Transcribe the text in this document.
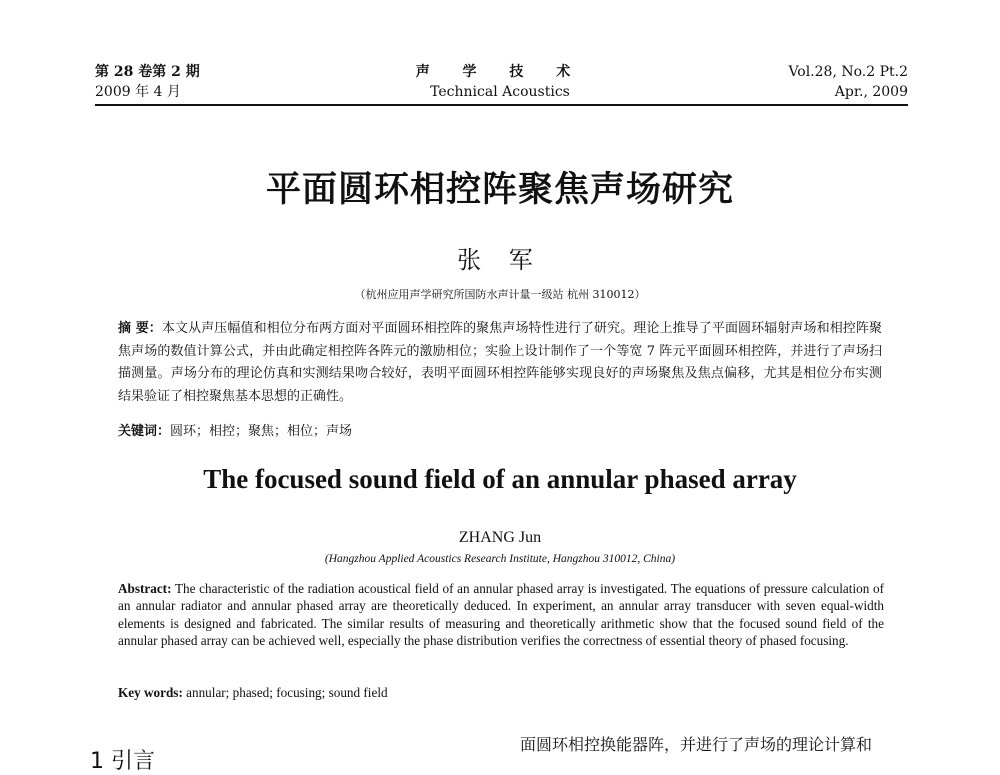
第 28 卷第 2 期
2009 年 4 月
声 学 技 术
Technical Acoustics
Vol.28, No.2 Pt.2
Apr., 2009
平面圆环相控阵聚焦声场研究
张 军
（杭州应用声学研究所国防水声计量一级站 杭州 310012）
摘 要：本文从声压幅值和相位分布两方面对平面圆环相控阵的聚焦声场特性进行了研究。理论上推导了平面圆环辐射声场和相控阵聚焦声场的数值计算公式，并由此确定相控阵各阵元的激励相位；实验上设计制作了一个等宽 7 阵元平面圆环相控阵，并进行了声场扫描测量。声场分布的理论仿真和实测结果吻合较好，表明平面圆环相控阵能够实现良好的声场聚焦及焦点偏移，尤其是相位分布实测结果验证了相控聚焦基本思想的正确性。
关键词：圆环；相控；聚焦；相位；声场
The focused sound field of an annular phased array
ZHANG Jun
(Hangzhou Applied Acoustics Research Institute, Hangzhou 310012, China)
Abstract: The characteristic of the radiation acoustical field of an annular phased array is investigated. The equations of pressure calculation of an annular radiator and annular phased array are theoretically deduced. In experiment, an annular array transducer with seven equal-width elements is designed and fabricated. The similar results of measuring and theoretically arithmetic show that the focused sound field of the annular phased array can be achieved well, especially the phase distribution verifies the correctness of essential theory of phased focusing.
Key words: annular; phased; focusing; sound field
1 引言
面圆环相控换能器阵，并进行了声场的理论计算和
